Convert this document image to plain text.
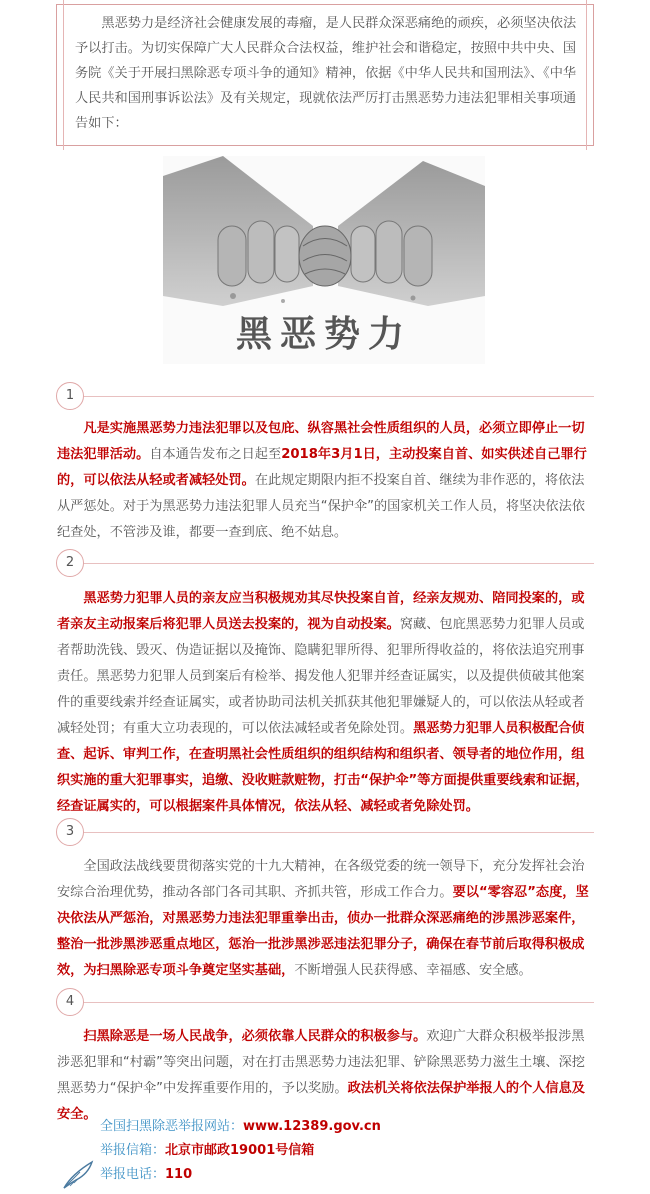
黑恶势力是经济社会健康发展的毒瘤，是人民群众深恶痛绝的顽疾，必须坚决依法予以打击。为切实保障广大人民群众合法权益，维护社会和谐稳定，按照中共中央、国务院《关于开展扫黑除恶专项斗争的通知》精神，依据《中华人民共和国刑法》、《中华人民共和国刑事诉讼法》及有关规定，现就依法严厉打击黑恶势力违法犯罪相关事项通告如下：

黑恶势力
1

凡是实施黑恶势力违法犯罪以及包庇、纵容黑社会性质组织的人员，必须立即停止一切违法犯罪活动。自本通告发布之日起至2018年3月1日，主动投案自首、如实供述自己罪行的，可以依法从轻或者减轻处罚。在此规定期限内拒不投案自首、继续为非作恶的，将依法从严惩处。对于为黑恶势力违法犯罪人员充当“保护伞”的国家机关工作人员，将坚决依法依纪查处，不管涉及谁，都要一查到底、绝不姑息。

2

黑恶势力犯罪人员的亲友应当积极规劝其尽快投案自首，经亲友规劝、陪同投案的，或者亲友主动报案后将犯罪人员送去投案的，视为自动投案。窝藏、包庇黑恶势力犯罪人员或者帮助洗钱、毁灭、伪造证据以及掩饰、隐瞒犯罪所得、犯罪所得收益的，将依法追究刑事责任。黑恶势力犯罪人员到案后有检举、揭发他人犯罪并经查证属实，以及提供侦破其他案件的重要线索并经查证属实，或者协助司法机关抓获其他犯罪嫌疑人的，可以依法从轻或者减轻处罚；有重大立功表现的，可以依法减轻或者免除处罚。黑恶势力犯罪人员积极配合侦查、起诉、审判工作，在查明黑社会性质组织的组织结构和组织者、领导者的地位作用，组织实施的重大犯罪事实，追缴、没收赃款赃物，打击“保护伞”等方面提供重要线索和证据，经查证属实的，可以根据案件具体情况，依法从轻、减轻或者免除处罚。

3

全国政法战线要贯彻落实党的十九大精神，在各级党委的统一领导下，充分发挥社会治安综合治理优势，推动各部门各司其职、齐抓共管，形成工作合力。要以“零容忍”态度，坚决依法从严惩治，对黑恶势力违法犯罪重拳出击，侦办一批群众深恶痛绝的涉黑涉恶案件，整治一批涉黑涉恶重点地区，惩治一批涉黑涉恶违法犯罪分子，确保在春节前后取得积极成效，为扫黑除恶专项斗争奠定坚实基础，不断增强人民获得感、幸福感、安全感。

4

扫黑除恶是一场人民战争，必须依靠人民群众的积极参与。欢迎广大群众积极举报涉黑涉恶犯罪和“村霸”等突出问题，对在打击黑恶势力违法犯罪、铲除黑恶势力滋生土壤、深挖黑恶势力“保护伞”中发挥重要作用的，予以奖励。政法机关将依法保护举报人的个人信息及安全。

全国扫黑除恶举报网站：www.12389.gov.cn
举报信箱：北京市邮政19001号信箱
举报电话：110
